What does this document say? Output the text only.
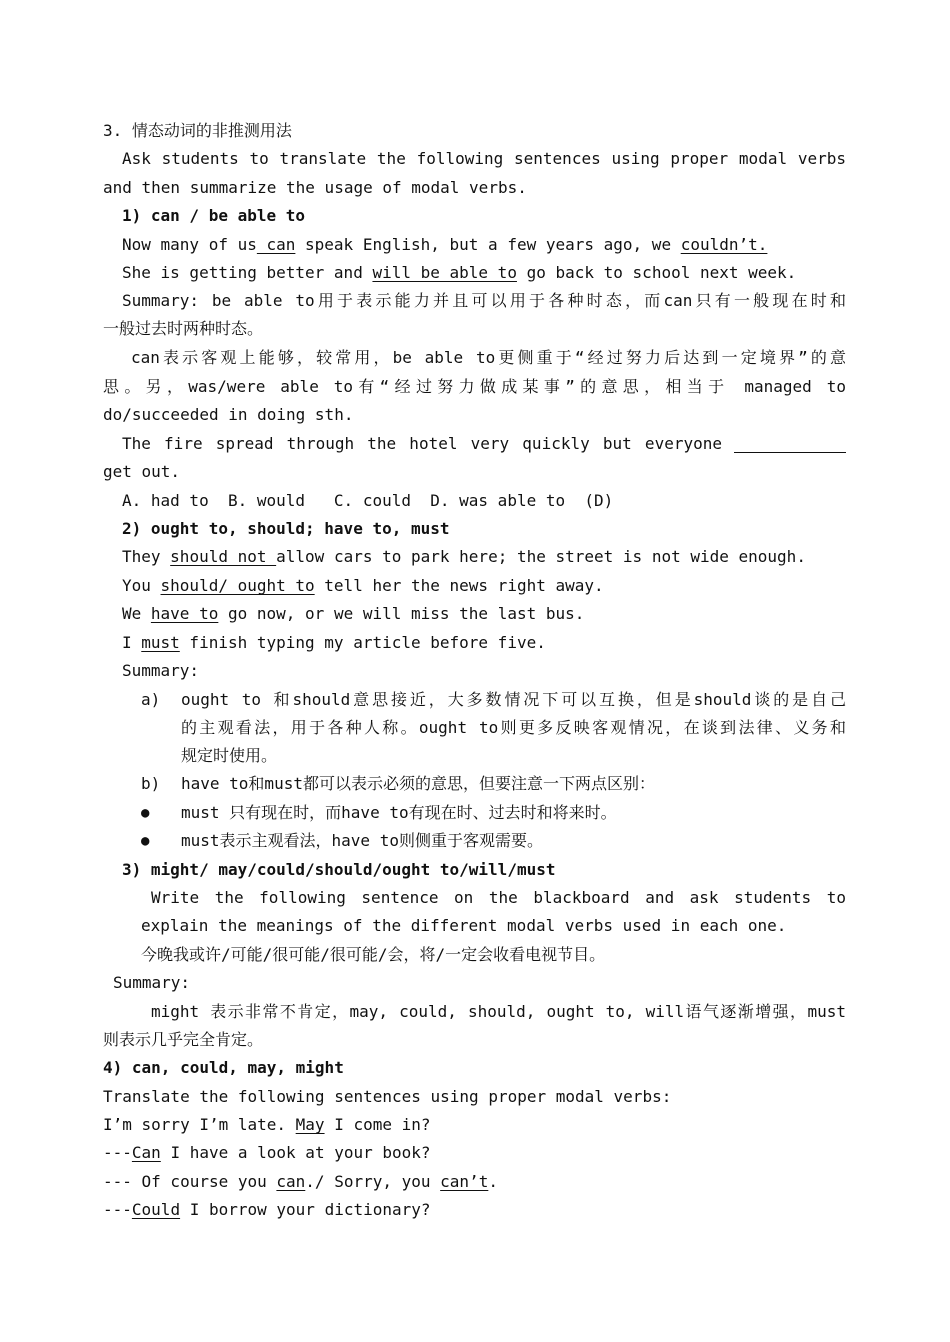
3. 情态动词的非推测用法
Ask students to translate the following sentences using proper modal verbs
and then summarize the usage of modal verbs.
1) can / be able to
Now many of us can speak English, but a few years ago, we couldn’t.
She is getting better and will be able to go back to school next week.
Summary: be able to用于表示能力并且可以用于各种时态，而can只有一般现在时和
一般过去时两种时态。
can表示客观上能够，较常用，be able to更侧重于“经过努力后达到一定境界”的意
思。另，was/were able to有“经过努力做成某事”的意思，相当于 managed to
do/succeeded in doing sth.
The fire spread through the hotel very quickly but everyone
get out.
A. had to  B. would   C. could  D. was able to  (D)
2) ought to, should; have to, must
They should not allow cars to park here; the street is not wide enough.
You should/ ought to tell her the news right away.
We have to go now, or we will miss the last bus.
I must finish typing my article before five.
Summary:
a) ought to 和should意思接近，大多数情况下可以互换，但是should谈的是自己
的主观看法，用于各种人称。ought to则更多反映客观情况，在谈到法律、义务和
规定时使用。
b) have to和must都可以表示必须的意思，但要注意一下两点区别：
● must 只有现在时，而have to有现在时、过去时和将来时。
● must表示主观看法，have to则侧重于客观需要。
3) might/ may/could/should/ought to/will/must
Write the following sentence on the blackboard and ask students to
explain the meanings of the different modal verbs used in each one.
今晚我或许/可能/很可能/很可能/会，将/一定会收看电视节目。
Summary:
might 表示非常不肯定，may, could, should, ought to, will语气逐渐增强，must
则表示几乎完全肯定。
4) can, could, may, might
Translate the following sentences using proper modal verbs:
I’m sorry I’m late. May I come in?
---Can I have a look at your book?
--- Of course you can./ Sorry, you can’t.
---Could I borrow your dictionary?
